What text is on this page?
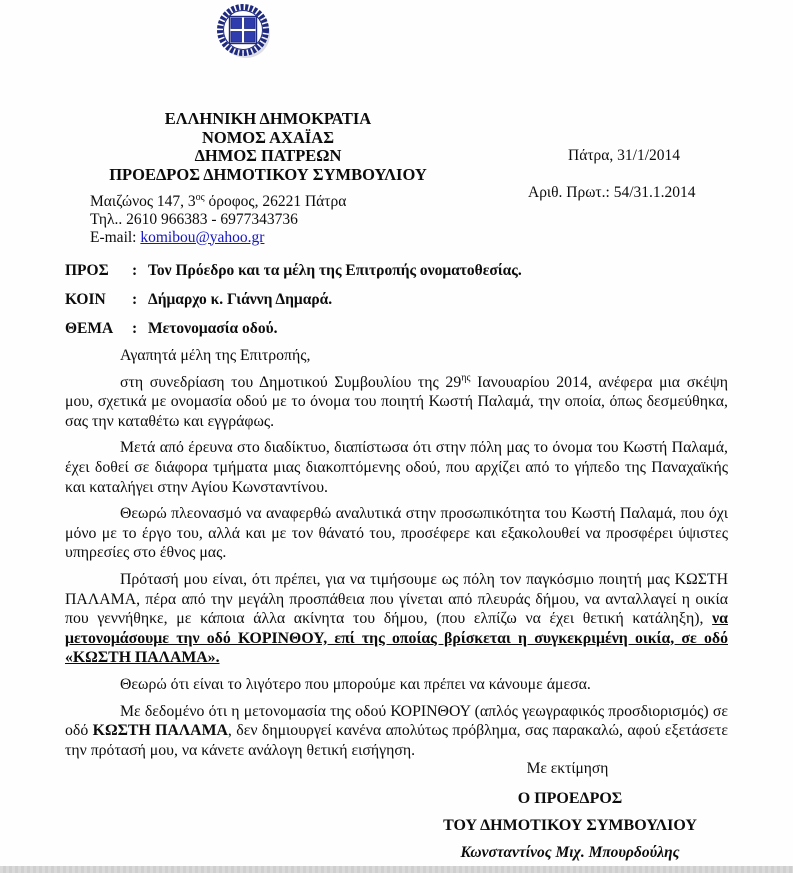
ΕΛΛΗΝΙΚΗ ΔΗΜΟΚΡΑΤΙΑ
ΝΟΜΟΣ ΑΧΑΪΑΣ
ΔΗΜΟΣ ΠΑΤΡΕΩΝ
ΠΡΟΕΔΡΟΣ ΔΗΜΟΤΙΚΟΥ ΣΥΜΒΟΥΛΙΟΥ
Μαιζώνος 147, $3^{o\varsigma}$ όροφος, 26221 Πάτρα
Τηλ.. 2610 966383 - 6977343736
E-mail: komibou@yahoo.gr
Πάτρα, 31/1/2014
Αριθ. Πρωτ.: 54/31.1.2014
ΠΡΟΣ	: Τον Πρόεδρο και τα μέλη της Επιτροπής ονοματοθεσίας.
ΚΟΙΝ	: Δήμαρχο κ. Γιάννη Δημαρά.
ΘΕΜΑ	: Μετονομασία οδού.

Αγαπητά μέλη της Επιτροπής,

στη συνεδρίαση του Δημοτικού Συμβουλίου της $29^{\eta\varsigma}$ Ιανουαρίου 2014, ανέφερα μια σκέψη μου, σχετικά με ονομασία οδού με το όνομα του ποιητή Κωστή Παλαμά, την οποία, όπως δεσμεύθηκα, σας την καταθέτω και εγγράφως.

Μετά από έρευνα στο διαδίκτυο, διαπίστωσα ότι στην πόλη μας το όνομα του Κωστή Παλαμά, έχει δοθεί σε διάφορα τμήματα μιας διακοπτόμενης οδού, που αρχίζει από το γήπεδο της Παναχαϊκής και καταλήγει στην Αγίου Κωνσταντίνου.

Θεωρώ πλεονασμό να αναφερθώ αναλυτικά στην προσωπικότητα του Κωστή Παλαμά, που όχι μόνο με το έργο του, αλλά και με τον θάνατό του, προσέφερε και εξακολουθεί να προσφέρει ύψιστες υπηρεσίες στο έθνος μας.

Πρότασή μου είναι, ότι πρέπει, για να τιμήσουμε ως πόλη τον παγκόσμιο ποιητή μας ΚΩΣΤΗ ΠΑΛΑΜΑ, πέρα από την μεγάλη προσπάθεια που γίνεται από πλευράς δήμου, να ανταλλαγεί η οικία που γεννήθηκε, με κάποια άλλα ακίνητα του δήμου, (που ελπίζω να έχει θετική κατάληξη), να μετονομάσουμε την οδό ΚΟΡΙΝΘΟΥ, επί της οποίας βρίσκεται η συγκεκριμένη οικία, σε οδό «ΚΩΣΤΗ ΠΑΛΑΜΑ».

Θεωρώ ότι είναι το λιγότερο που μπορούμε και πρέπει να κάνουμε άμεσα.

Με δεδομένο ότι η μετονομασία της οδού ΚΟΡΙΝΘΟΥ (απλός γεωγραφικός προσδιορισμός) σε οδό ΚΩΣΤΗ ΠΑΛΑΜΑ, δεν δημιουργεί κανένα απολύτως πρόβλημα, σας παρακαλώ, αφού εξετάσετε την πρότασή μου, να κάνετε ανάλογη θετική εισήγηση.

Με εκτίμηση
Ο ΠΡΟΕΔΡΟΣ
ΤΟΥ ΔΗΜΟΤΙΚΟΥ ΣΥΜΒΟΥΛΙΟΥ
Κωνσταντίνος Μιχ. Μπουρδούλης
